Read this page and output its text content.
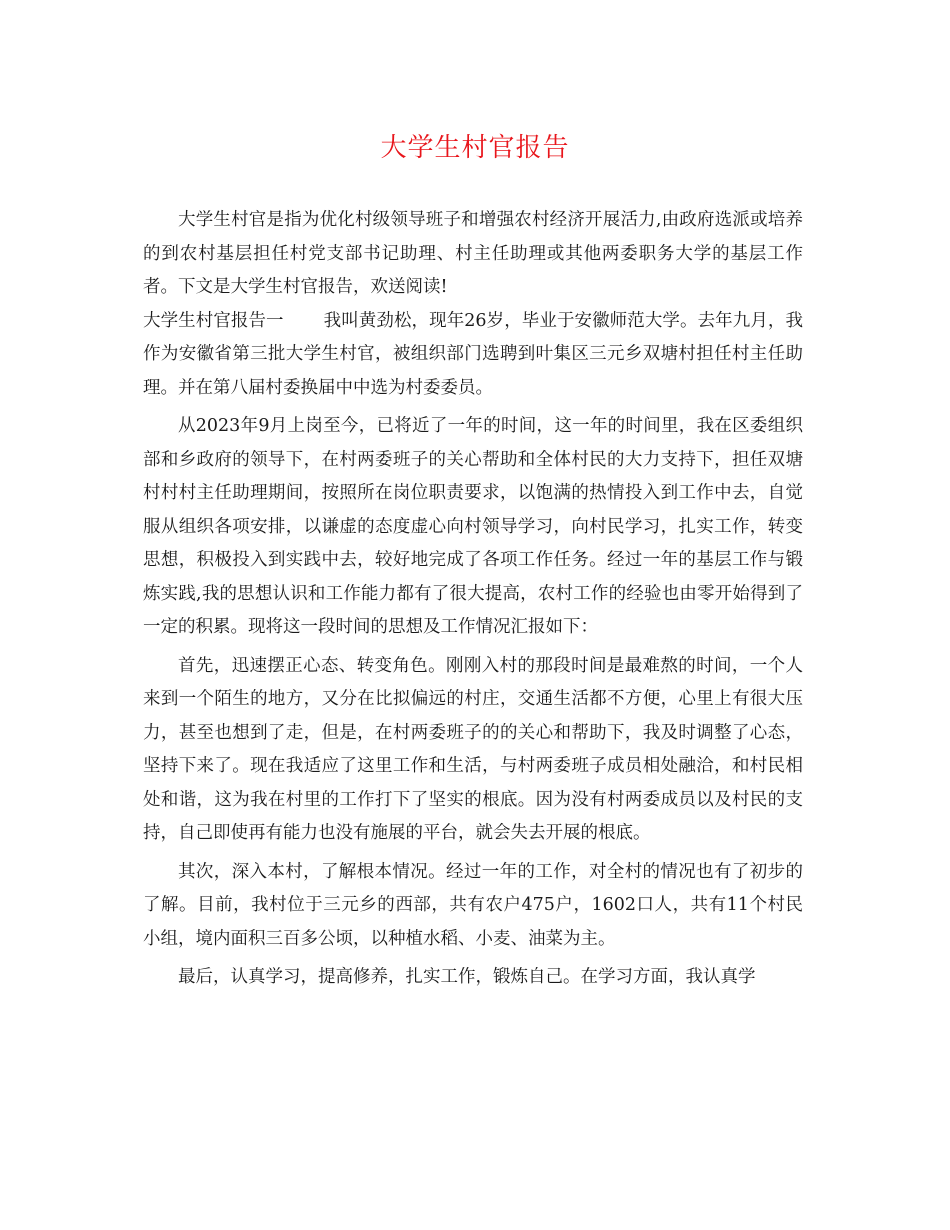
大学生村官报告

大学生村官是指为优化村级领导班子和增强农村经济开展活力,由政府选派或培养的到农村基层担任村党支部书记助理、村主任助理或其他两委职务大学的基层工作者。下文是大学生村官报告，欢送阅读!

大学生村官报告一 我叫黄劲松，现年26岁，毕业于安徽师范大学。去年九月，我作为安徽省第三批大学生村官，被组织部门选聘到叶集区三元乡双塘村担任村主任助理。并在第八届村委换届中中选为村委委员。

从2023年9月上岗至今，已将近了一年的时间，这一年的时间里，我在区委组织部和乡政府的领导下，在村两委班子的关心帮助和全体村民的大力支持下，担任双塘村村村主任助理期间，按照所在岗位职责要求，以饱满的热情投入到工作中去，自觉服从组织各项安排，以谦虚的态度虚心向村领导学习，向村民学习，扎实工作，转变思想，积极投入到实践中去，较好地完成了各项工作任务。经过一年的基层工作与锻炼实践,我的思想认识和工作能力都有了很大提高，农村工作的经验也由零开始得到了一定的积累。现将这一段时间的思想及工作情况汇报如下：

首先，迅速摆正心态、转变角色。刚刚入村的那段时间是最难熬的时间，一个人来到一个陌生的地方，又分在比拟偏远的村庄，交通生活都不方便，心里上有很大压力，甚至也想到了走，但是，在村两委班子的的关心和帮助下，我及时调整了心态，坚持下来了。现在我适应了这里工作和生活，与村两委班子成员相处融洽，和村民相处和谐，这为我在村里的工作打下了坚实的根底。因为没有村两委成员以及村民的支持，自己即使再有能力也没有施展的平台，就会失去开展的根底。

其次，深入本村，了解根本情况。经过一年的工作，对全村的情况也有了初步的了解。目前，我村位于三元乡的西部，共有农户475户，1602口人，共有11个村民小组，境内面积三百多公顷，以种植水稻、小麦、油菜为主。

最后，认真学习，提高修养，扎实工作，锻炼自己。在学习方面，我认真学
